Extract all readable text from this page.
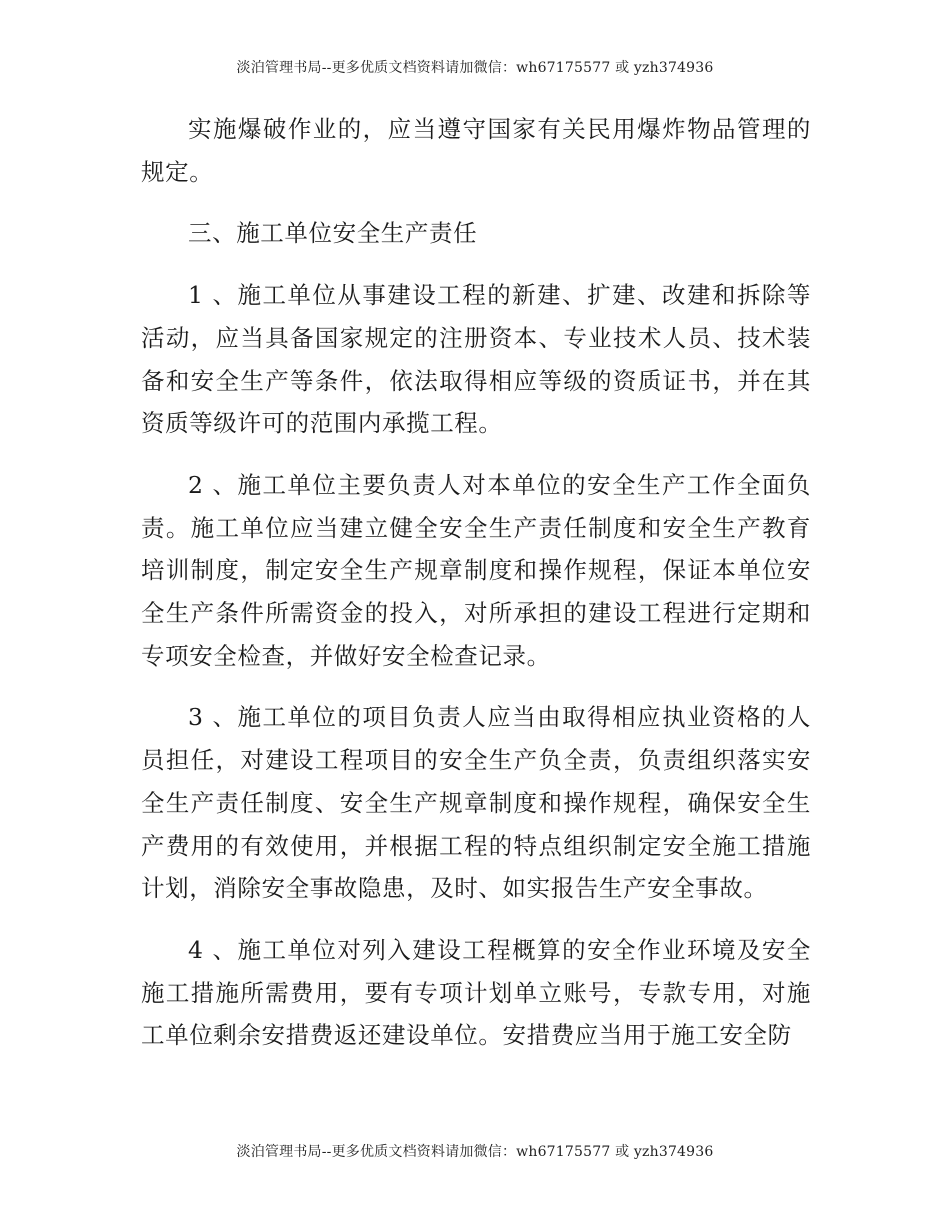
淡泊管理书局--更多优质文档资料请加微信：wh67175577 或 yzh374936

实施爆破作业的，应当遵守国家有关民用爆炸物品管理的规定。

三、施工单位安全生产责任

1 、施工单位从事建设工程的新建、扩建、改建和拆除等活动，应当具备国家规定的注册资本、专业技术人员、技术装备和安全生产等条件，依法取得相应等级的资质证书，并在其资质等级许可的范围内承揽工程。

2 、施工单位主要负责人对本单位的安全生产工作全面负责。施工单位应当建立健全安全生产责任制度和安全生产教育培训制度，制定安全生产规章制度和操作规程，保证本单位安全生产条件所需资金的投入，对所承担的建设工程进行定期和专项安全检查，并做好安全检查记录。

3 、施工单位的项目负责人应当由取得相应执业资格的人员担任，对建设工程项目的安全生产负全责，负责组织落实安全生产责任制度、安全生产规章制度和操作规程，确保安全生产费用的有效使用，并根据工程的特点组织制定安全施工措施计划，消除安全事故隐患，及时、如实报告生产安全事故。

4 、施工单位对列入建设工程概算的安全作业环境及安全施工措施所需费用，要有专项计划单立账号，专款专用，对施工单位剩余安措费返还建设单位。安措费应当用于施工安全防

淡泊管理书局--更多优质文档资料请加微信：wh67175577 或 yzh374936
